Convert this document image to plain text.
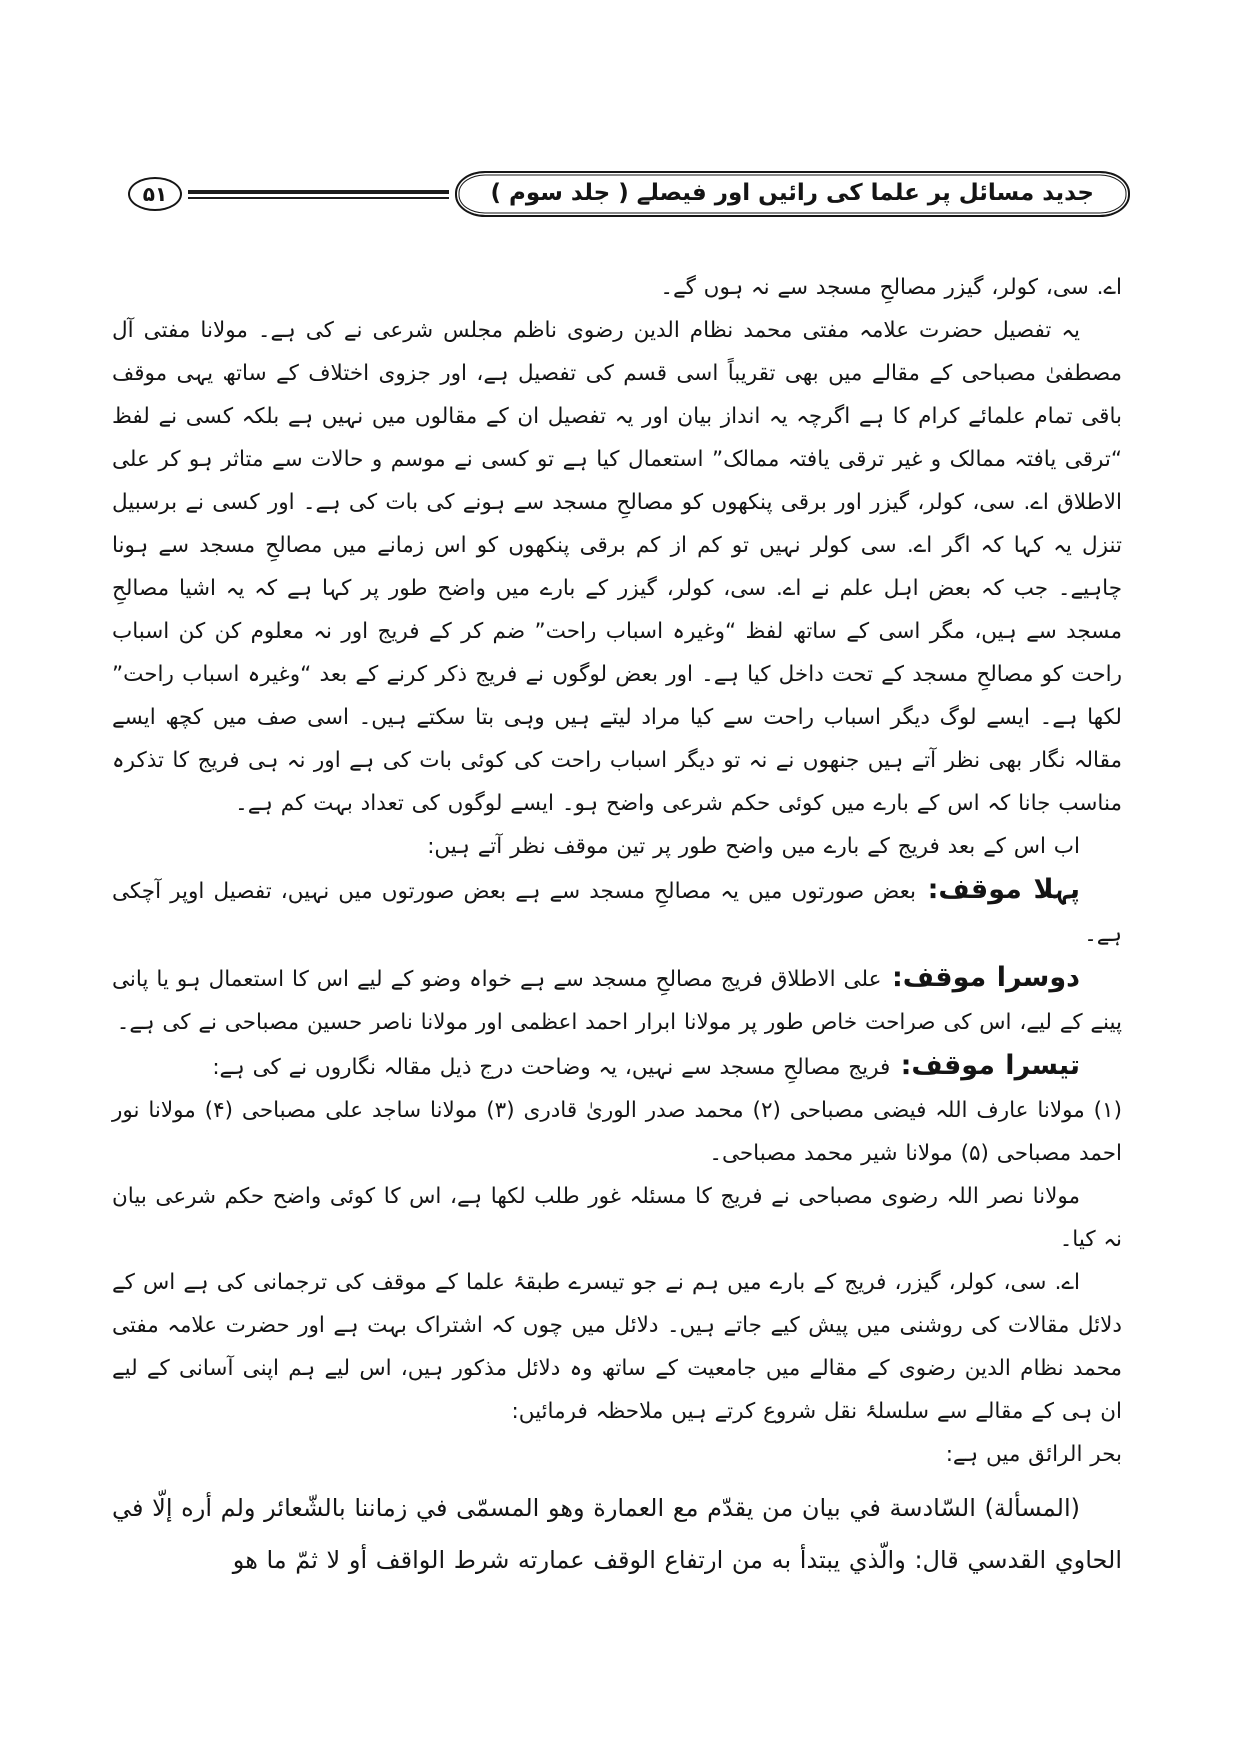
۵۱	جدید مسائل پر علما کی رائیں اور فیصلے ( جلد سوم )
اے. سی، کولر، گیزر مصالحِ مسجد سے نہ ہوں گے۔
یہ تفصیل حضرت علامہ مفتی محمد نظام الدین رضوی ناظم مجلس شرعی نے کی ہے۔ مولانا مفتی آل مصطفیٰ مصباحی کے مقالے میں بھی تقریباً اسی قسم کی تفصیل ہے، اور جزوی اختلاف کے ساتھ یہی موقف باقی تمام علمائے کرام کا ہے اگرچہ یہ انداز بیان اور یہ تفصیل ان کے مقالوں میں نہیں ہے بلکہ کسی نے لفظ “ترقی یافتہ ممالک و غیر ترقی یافتہ ممالک” استعمال کیا ہے تو کسی نے موسم و حالات سے متاثر ہو کر علی الاطلاق اے. سی، کولر، گیزر اور برقی پنکھوں کو مصالحِ مسجد سے ہونے کی بات کی ہے۔ اور کسی نے برسبیل تنزل یہ کہا کہ اگر اے. سی کولر نہیں تو کم از کم برقی پنکھوں کو اس زمانے میں مصالحِ مسجد سے ہونا چاہیے۔ جب کہ بعض اہل علم نے اے. سی، کولر، گیزر کے بارے میں واضح طور پر کہا ہے کہ یہ اشیا مصالحِ مسجد سے ہیں، مگر اسی کے ساتھ لفظ “وغیرہ اسباب راحت” ضم کر کے فریج اور نہ معلوم کن کن اسباب راحت کو مصالحِ مسجد کے تحت داخل کیا ہے۔ اور بعض لوگوں نے فریج ذکر کرنے کے بعد “وغیرہ اسباب راحت” لکھا ہے۔ ایسے لوگ دیگر اسباب راحت سے کیا مراد لیتے ہیں وہی بتا سکتے ہیں۔ اسی صف میں کچھ ایسے مقالہ نگار بھی نظر آتے ہیں جنھوں نے نہ تو دیگر اسباب راحت کی کوئی بات کی ہے اور نہ ہی فریج کا تذکرہ مناسب جانا کہ اس کے بارے میں کوئی حکم شرعی واضح ہو۔ ایسے لوگوں کی تعداد بہت کم ہے۔
اب اس کے بعد فریج کے بارے میں واضح طور پر تین موقف نظر آتے ہیں:
پہلا موقف: بعض صورتوں میں یہ مصالحِ مسجد سے ہے بعض صورتوں میں نہیں، تفصیل اوپر آچکی ہے۔
دوسرا موقف: علی الاطلاق فریج مصالحِ مسجد سے ہے خواہ وضو کے لیے اس کا استعمال ہو یا پانی پینے کے لیے، اس کی صراحت خاص طور پر مولانا ابرار احمد اعظمی اور مولانا ناصر حسین مصباحی نے کی ہے۔
تیسرا موقف: فریج مصالحِ مسجد سے نہیں، یہ وضاحت درج ذیل مقالہ نگاروں نے کی ہے:
(۱) مولانا عارف اللہ فیضی مصباحی (۲) محمد صدر الوریٰ قادری (۳) مولانا ساجد علی مصباحی (۴) مولانا نور احمد مصباحی (۵) مولانا شیر محمد مصباحی۔
مولانا نصر اللہ رضوی مصباحی نے فریج کا مسئلہ غور طلب لکھا ہے، اس کا کوئی واضح حکم شرعی بیان نہ کیا۔
اے. سی، کولر، گیزر، فریج کے بارے میں ہم نے جو تیسرے طبقۂ علما کے موقف کی ترجمانی کی ہے اس کے دلائل مقالات کی روشنی میں پیش کیے جاتے ہیں۔ دلائل میں چوں کہ اشتراک بہت ہے اور حضرت علامہ مفتی محمد نظام الدین رضوی کے مقالے میں جامعیت کے ساتھ وہ دلائل مذکور ہیں، اس لیے ہم اپنی آسانی کے لیے ان ہی کے مقالے سے سلسلۂ نقل شروع کرتے ہیں ملاحظہ فرمائیں:
بحر الرائق میں ہے:
(المسألة) السّادسة في بيان من يقدّم مع العمارة وهو المسمّى في زماننا بالشّعائر ولم أره إلّا في الحاوي القدسي قال: والّذي يبتدأ به من ارتفاع الوقف عمارته شرط الواقف أو لا ثمّ ما هو
